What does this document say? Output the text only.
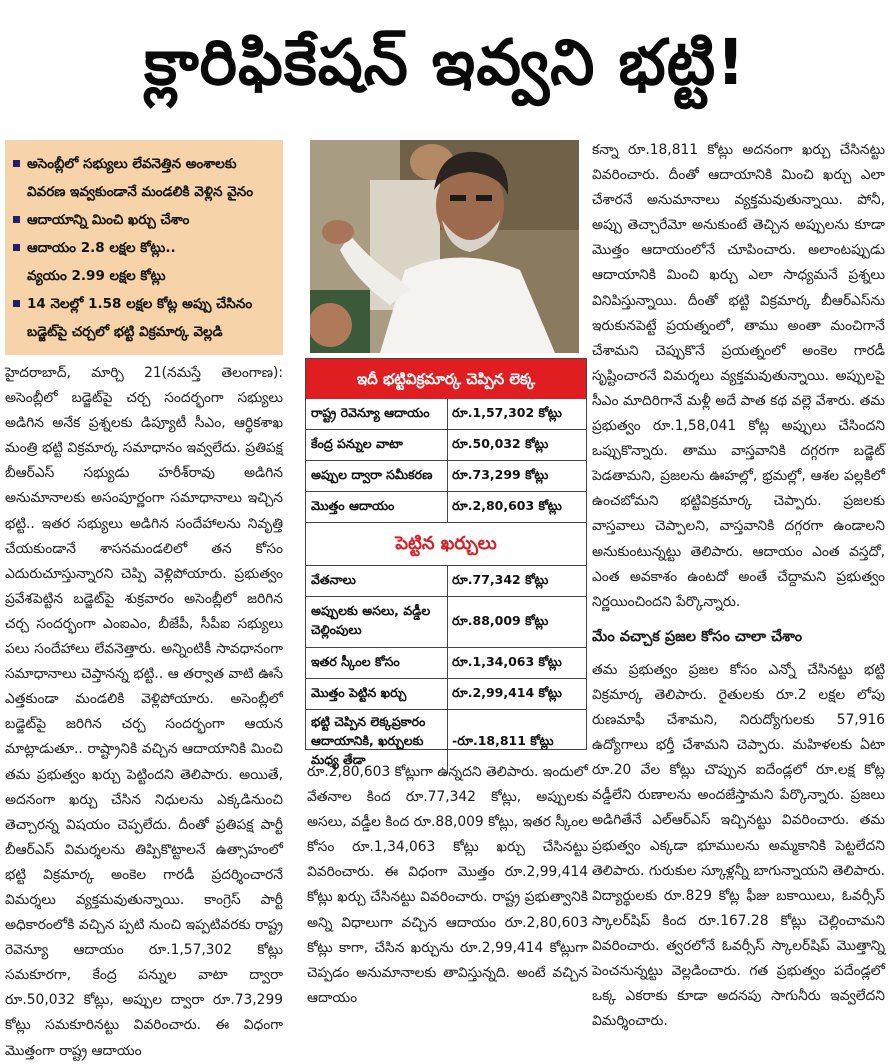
క్లారిఫికేషన్ ఇవ్వని భట్టి!
అసెంబ్లీలో సభ్యులు లేవనెత్తిన అంశాలకు
వివరణ ఇవ్వకుండానే మండలికి వెళ్లిన వైనం
ఆదాయాన్ని మించి ఖర్చు చేశాం
ఆదాయం 2.8 లక్షల కోట్లు..
వ్యయం 2.99 లక్షల కోట్లు
14 నెలల్లో 1.58 లక్షల కోట్ల అప్పు చేసినం
బడ్జెట్‌పై చర్చలో భట్టి విక్రమార్క వెల్లడి

హైదరాబాద్, మార్చి 21(నమస్తే తెలంగాణ): అసెంబ్లీలో బడ్జెట్‌పై చర్చ సందర్భంగా సభ్యులు అడిగిన అనేక ప్రశ్నలకు డిప్యూటీ సీఎం, ఆర్థికశాఖ మంత్రి భట్టి విక్రమార్క సమాధానం ఇవ్వలేదు. ప్రతిపక్ష బీఆర్‌ఎస్ సభ్యుడు హరీశ్‌రావు అడిగిన అనుమానాలకు అసంపూర్ణంగా సమాధానాలు ఇచ్చిన భట్టి.. ఇతర సభ్యులు అడిగిన సందేహాలను నివృత్తి చేయకుండానే శాసనమండలిలో తన కోసం ఎదురుచూస్తున్నారని చెప్పి వెళ్లిపోయారు. ప్రభుత్వం ప్రవేశపెట్టిన బడ్జెట్‌పై శుక్రవారం అసెంబ్లీలో జరిగిన చర్చ సందర్భంగా ఎంఐఎం, బీజేపీ, సీపీఐ సభ్యులు పలు సందేహాలు లేవనెత్తారు. అన్నింటికీ సావధానంగా సమాధానాలు చెప్తానన్న భట్టి.. ఆ తర్వాత వాటి ఊసే ఎత్తకుండా మండలికి వెళ్లిపోయారు. అసెంబ్లీలో బడ్జెట్‌పై జరిగిన చర్చ సందర్భంగా ఆయన మాట్లాడుతూ.. రాష్ట్రానికి వచ్చిన ఆదాయానికి మించి తమ ప్రభుత్వం ఖర్చు పెట్టిందని తెలిపారు. అయితే, అదనంగా ఖర్చు చేసిన నిధులను ఎక్కడినుంచి తెచ్చారన్న విషయం చెప్పలేదు. దీంతో ప్రతిపక్ష పార్టీ బీఆర్‌ఎస్ విమర్శలను తిప్పికొట్టాలనే ఉత్సాహంలో భట్టి విక్రమార్క అంకెల గారడీ ప్రదర్శించారనే విమర్శలు వ్యక్తమవుతున్నాయి. కాంగ్రెస్ పార్టీ అధికారంలోకి వచ్చిన ప్పటి నుంచి ఇప్పటివరకు రాష్ట్ర రెవెన్యూ ఆదాయం రూ.1,57,302 కోట్లు సమకూరగా, కేంద్ర పన్నుల వాటా ద్వారా రూ.50,032 కోట్లు, అప్పుల ద్వారా రూ.73,299 కోట్లు సమకూరినట్టు వివరించారు. ఈ విధంగా మొత్తంగా రాష్ట్ర ఆదాయం

ఇదీ భట్టివిక్రమార్క చెప్పిన లెక్క
రాష్ట్ర రెవెన్యూ ఆదాయం	రూ.1,57,302 కోట్లు
కేంద్ర పన్నుల వాటా	రూ.50,032 కోట్లు
అప్పుల ద్వారా సమీకరణ	రూ.73,299 కోట్లు
మొత్తం ఆదాయం	రూ.2,80,603 కోట్లు
పెట్టిన ఖర్చులు
వేతనాలు	రూ.77,342 కోట్లు
అప్పులకు అసలు, వడ్డీల చెల్లింపులు
రూ.88,009 కోట్లు
ఇతర స్కీంల కోసం	రూ.1,34,063 కోట్లు
మొత్తం పెట్టిన ఖర్చు	రూ.2,99,414 కోట్లు
భట్టి చెప్పిన లెక్కప్రకారం ఆదాయానికి, ఖర్చులకు మధ్య తేడా
-రూ.18,811 కోట్లు

రూ.2,80,603 కోట్లుగా ఉన్నదని తెలిపారు. ఇందులో వేతనాల కింద రూ.77,342 కోట్లు, అప్పులకు అసలు, వడ్డీల కింద రూ.88,009 కోట్లు, ఇతర స్కీంల కోసం రూ.1,34,063 కోట్లు ఖర్చు చేసినట్టు వివరించారు. ఈ విధంగా మొత్తం రూ.2,99,414 కోట్లు ఖర్చు చేసినట్టు వివరించారు. రాష్ట్ర ప్రభుత్వానికి అన్ని విధాలుగా వచ్చిన ఆదాయం రూ.2,80,603 కోట్లు కాగా, చేసిన ఖర్చును రూ.2,99,414 కోట్లుగా చెప్పడం అనుమానాలకు తావిస్తున్నది. అంటే వచ్చిన ఆదాయం

కన్నా రూ.18,811 కోట్లు అదనంగా ఖర్చు చేసినట్టు వివరించారు. దీంతో ఆదాయానికి మించి ఖర్చు ఎలా చేశారనే అనుమానాలు వ్యక్తమవుతున్నాయి. పోనీ, అప్పు తెచ్చారేమో అనుకుంటే తెచ్చిన అప్పులను కూడా మొత్తం ఆదాయంలోనే చూపించారు. అలాంటప్పుడు ఆదాయానికి మించి ఖర్చు ఎలా సాధ్యమనే ప్రశ్నలు వినిపిస్తున్నాయి. దీంతో భట్టి విక్రమార్క బీఆర్‌ఎస్‌ను ఇరుకునపెట్టే ప్రయత్నంలో, తాము అంతా మంచిగానే చేశామని చెప్పుకొనే ప్రయత్నంలో అంకెల గారడీ సృష్టించారనే విమర్శలు వ్యక్తమవుతున్నాయి. అప్పులపై సీఎం మాదిరిగానే మళ్లీ అదే పాత కథ వల్లె వేశారు. తమ ప్రభుత్వం రూ.1,58,041 కోట్ల అప్పులు చేసిందని ఒప్పుకొన్నారు. తాము వాస్తవానికి దగ్గరగా బడ్జెట్ పెడతామని, ప్రజలను ఊహల్లో, భ్రమల్లో, ఆశల పల్లకిలో ఉంచబోమని భట్టివిక్రమార్క చెప్పారు. ప్రజలకు వాస్తవాలు చెప్పాలని, వాస్తవానికి దగ్గరగా ఉండాలని అనుకుంటున్నట్టు తెలిపారు. ఆదాయం ఎంత వస్తదో, ఎంత అవకాశం ఉంటదో అంతే చేద్దామని ప్రభుత్వం నిర్ణయించిందని పేర్కొన్నారు.

మేం వచ్చాక ప్రజల కోసం చాలా చేశాం

తమ ప్రభుత్వం ప్రజల కోసం ఎన్నో చేసినట్టు భట్టి విక్రమార్క తెలిపారు. రైతులకు రూ.2 లక్షల లోపు రుణమాఫీ చేశామని, నిరుద్యోగులకు 57,916 ఉద్యోగాలు భర్తీ చేశామని చెప్పారు. మహిళలకు ఏటా రూ.20 వేల కోట్లు చొప్పున ఐదేండ్లలో రూ.లక్ష కోట్ల వడ్డీలేని రుణాలను అందజేస్తామని పేర్కొన్నారు. ప్రజలు అడిగితేనే ఎల్‌ఆర్‌ఎస్ ఇచ్చినట్టు వివరించారు. తమ ప్రభుత్వం ఎక్కడా భూములను అమ్మకానికి పెట్టలేదని తెలిపారు. గురుకుల స్కూళ్లన్నీ బాగున్నాయని తెలిపారు. విద్యార్థులకు రూ.829 కోట్ల ఫీజు బకాయిలు, ఓవర్సీస్ స్కాలర్‌షిప్ కింద రూ.167.28 కోట్లు చెల్లించామని వివరించారు. త్వరలోనే ఓవర్సీస్ స్కాలర్‌షిప్ మొత్తాన్ని పెంచనున్నట్టు వెల్లడించారు. గత ప్రభుత్వం పదేండ్లలో ఒక్క ఎకరాకు కూడా అదనపు సాగునీరు ఇవ్వలేదని విమర్శించారు.
